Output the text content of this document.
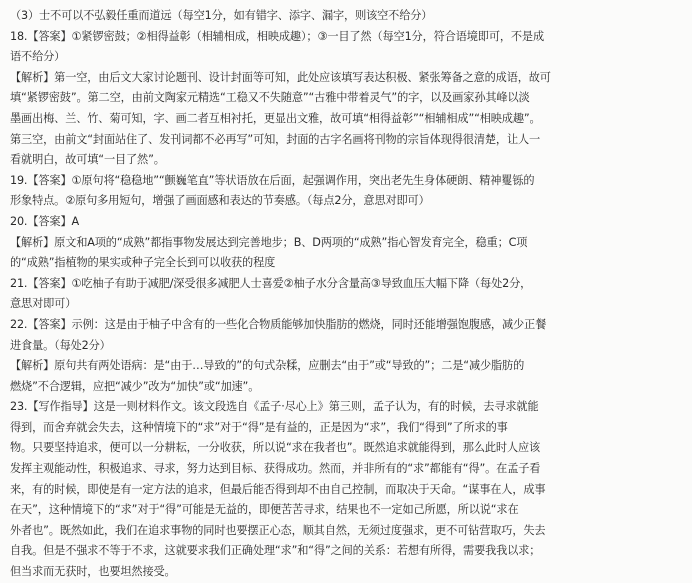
（3）士不可以不弘毅任重而道远（每空1分，如有错字、添字、漏字，则该空不给分）
18.【答案】①紧锣密鼓；②相得益彰（相辅相成，相映成趣）；③一目了然（每空1分，符合语境即可，不是成
语不给分）
【解析】第一空，由后文大家讨论题刊、设计封面等可知，此处应该填写表达积极、紧张筹备之意的成语，故可
填“紧锣密鼓”。第二空，由前文陶家元精选“工稳又不失随意”“古雅中带着灵气”的字，以及画家孙其峰以淡
墨画出梅、兰、竹、菊可知，字、画二者互相衬托，更显出文雅，故可填“相得益彰”“相辅相成”“相映成趣”。
第三空，由前文“封面站住了、发刊词都不必再写”可知，封面的古字名画将刊物的宗旨体现得很清楚，让人一
看就明白，故可填“一目了然”。
19.【答案】①原句将“稳稳地”“颤巍笔直”等状语放在后面，起强调作用，突出老先生身体硬朗、精神矍铄的
形象特点。②原句多用短句，增强了画面感和表达的节奏感。（每点2分，意思对即可）
20.【答案】A
【解析】原文和A项的“成熟”都指事物发展达到完善地步；B、D两项的“成熟”指心智发育完全，稳重；C项
的“成熟”指植物的果实或种子完全长到可以收获的程度
21.【答案】①吃柚子有助于减肥/深受很多减肥人士喜爱②柚子水分含量高③导致血压大幅下降（每处2分，
意思对即可）
22.【答案】示例：这是由于柚子中含有的一些化合物质能够加快脂肪的燃烧，同时还能增强饱腹感，减少正餐
进食量。（每处2分）
【解析】原句共有两处语病：是“由于…导致的”的句式杂糅，应删去“由于”或“导致的”；二是“减少脂肪的
燃烧”不合逻辑，应把“减少”改为“加快”或“加速”。
23.【写作指导】这是一则材料作文。该文段选自《孟子·尽心上》第三则，孟子认为，有的时候，去寻求就能
得到，而舍弃就会失去，这种情境下的“求”对于“得”是有益的，正是因为“求”，我们“得到”了所求的事
物。只要坚持追求，便可以一分耕耘，一分收获，所以说“求在我者也”。既然追求就能得到，那么此时人应该
发挥主观能动性，积极追求、寻求，努力达到目标、获得成功。然而，并非所有的“求”都能有“得”。在孟子看
来，有的时候，即使是有一定方法的追求，但最后能否得到却不由自己控制，而取决于天命。“谋事在人，成事
在天”，这种情境下的“求”对于“得”可能是无益的，即便苦苦寻求，结果也不一定如己所愿，所以说“求在
外者也”。既然如此，我们在追求事物的同时也要摆正心态，顺其自然，无须过度强求，更不可钻营取巧，失去
自我。但是不强求不等于不求，这就要求我们正确处理“求”和“得”之间的关系：若想有所得，需要我我以求；
但当求而无获时，也要坦然接受。
